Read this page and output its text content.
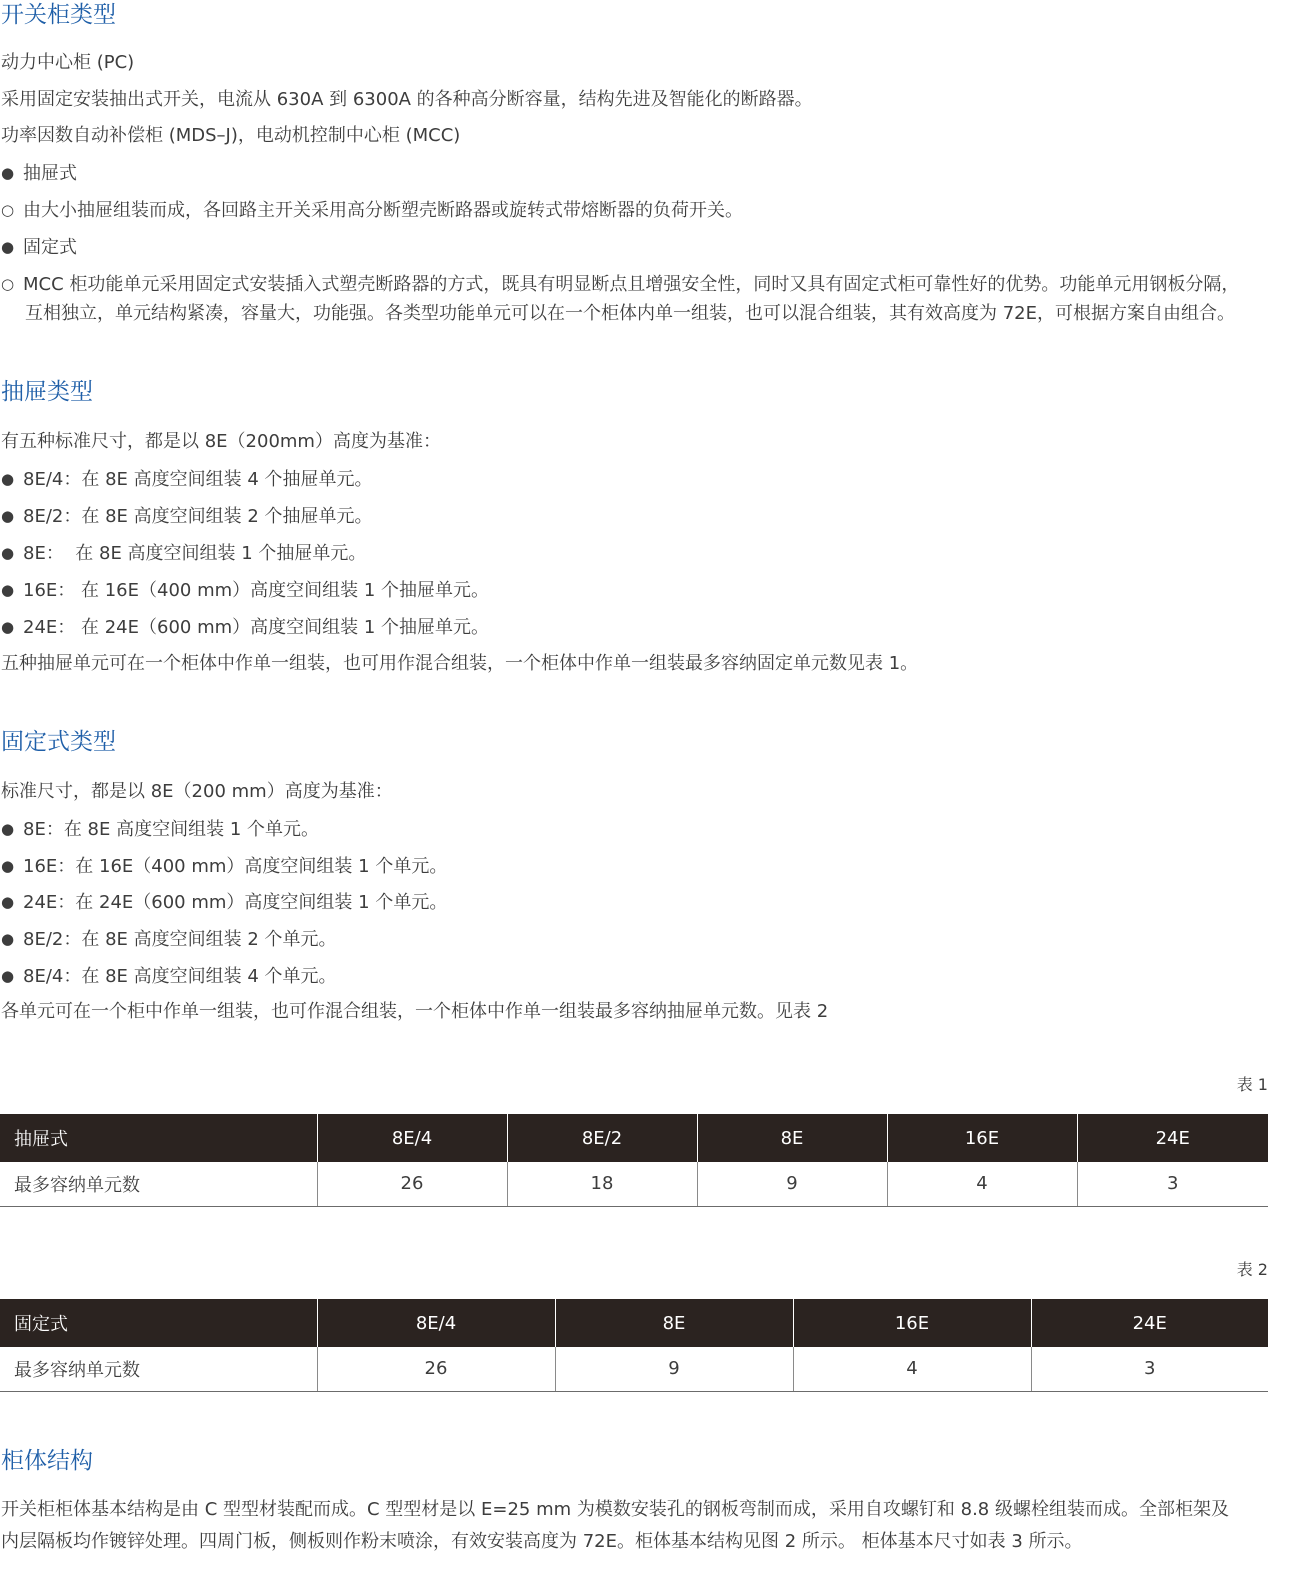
开关柜类型
动力中心柜 (PC)
采用固定安装抽出式开关，电流从 630A 到 6300A 的各种高分断容量，结构先进及智能化的断路器。
功率因数自动补偿柜 (MDS–J)，电动机控制中心柜 (MCC)
● 抽屉式
○ 由大小抽屉组装而成，各回路主开关采用高分断塑壳断路器或旋转式带熔断器的负荷开关。
● 固定式
○ MCC 柜功能单元采用固定式安装插入式塑壳断路器的方式，既具有明显断点且增强安全性，同时又具有固定式柜可靠性好的优势。功能单元用钢板分隔，
互相独立，单元结构紧凑，容量大，功能强。各类型功能单元可以在一个柜体内单一组装，也可以混合组装，其有效高度为 72E，可根据方案自由组合。
抽屉类型
有五种标准尺寸，都是以 8E（200mm）高度为基准：
● 8E/4：在 8E 高度空间组装 4 个抽屉单元。
● 8E/2：在 8E 高度空间组装 2 个抽屉单元。
● 8E：  在 8E 高度空间组装 1 个抽屉单元。
● 16E： 在 16E（400 mm）高度空间组装 1 个抽屉单元。
● 24E： 在 24E（600 mm）高度空间组装 1 个抽屉单元。
五种抽屉单元可在一个柜体中作单一组装，也可用作混合组装，一个柜体中作单一组装最多容纳固定单元数见表 1。
固定式类型
标准尺寸，都是以 8E（200 mm）高度为基准：
● 8E：在 8E 高度空间组装 1 个单元。
● 16E：在 16E（400 mm）高度空间组装 1 个单元。
● 24E：在 24E（600 mm）高度空间组装 1 个单元。
● 8E/2：在 8E 高度空间组装 2 个单元。
● 8E/4：在 8E 高度空间组装 4 个单元。
各单元可在一个柜中作单一组装，也可作混合组装，一个柜体中作单一组装最多容纳抽屉单元数。见表 2
表 1
抽屉式	8E/4	8E/2	8E	16E	24E
最多容纳单元数	26	18	9	4	3
表 2
固定式	8E/4	8E	16E	24E
最多容纳单元数	26	9	4	3
柜体结构
开关柜柜体基本结构是由 C 型型材装配而成。C 型型材是以 E=25 mm 为模数安装孔的钢板弯制而成，采用自攻螺钉和 8.8 级螺栓组装而成。全部柜架及
内层隔板均作镀锌处理。四周门板，侧板则作粉末喷涂，有效安装高度为 72E。柜体基本结构见图 2 所示。 柜体基本尺寸如表 3 所示。
